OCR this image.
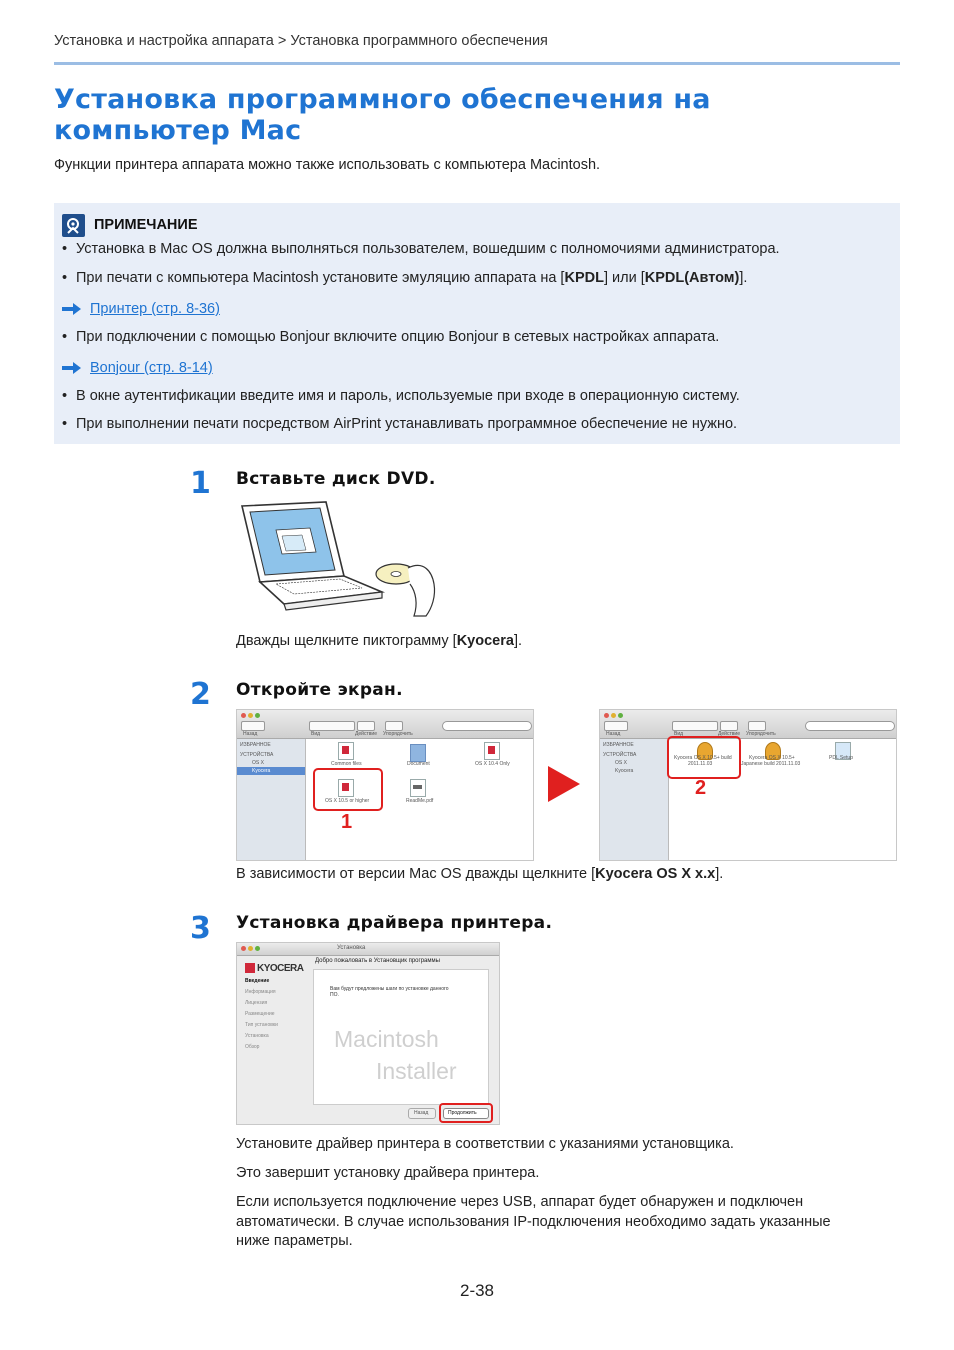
Установка и настройка аппарата > Установка программного обеспечения
Установка программного обеспечения на
компьютер Mac
Функции принтера аппарата можно также использовать с компьютера Macintosh.
ПРИМЕЧАНИЕ
• Установка в Mac OS должна выполняться пользователем, вошедшим с полномочиями администратора.
• При печати с компьютера Macintosh установите эмуляцию аппарата на [KPDL] или [KPDL(Автом)].
Принтер (стр. 8-36)
• При подключении с помощью Bonjour включите опцию Bonjour в сетевых настройках аппарата.
Bonjour (стр. 8-14)
• В окне аутентификации введите имя и пароль, используемые при входе в операционную систему.
• При выполнении печати посредством AirPrint устанавливать программное обеспечение не нужно.
1 Вставьте диск DVD.
Дважды щелкните пиктограмму [Kyocera].
2 Откройте экран.
Назад	Вид	Действие Упорядочить
ИЗБРАННОЕ
УСТРОЙСТВА
OS X
Kyocera
Common files	Document	OS X 10.4 Only
OS X 10.5 or higher	ReadMe.pdf
1
Назад	Вид	Действие Упорядочить
ИЗБРАННОЕ
УСТРОЙСТВА
OS X
Kyocera
Kyocera OS X 10.5+ build
2011.11.03
Kyocera OS X 10.5+
Japanese build 2011.11.03
PDL Setup
2
В зависимости от версии Mac OS дважды щелкните [Kyocera OS X x.x].
3 Установка драйвера принтера.
Установка
KYOCERA
Добро пожаловать в Установщик программы
Введение
Информация
Лицензия
Размещение
Тип установки
Установка
Обзор
Вам будут предложены шаги по установке данного ПО.
Macintosh
Installer
Назад	Продолжить
Установите драйвер принтера в соответствии с указаниями установщика.
Это завершит установку драйвера принтера.
Если используется подключение через USB, аппарат будет обнаружен и подключен
автоматически. В случае использования IP-подключения необходимо задать указанные
ниже параметры.
2-38
